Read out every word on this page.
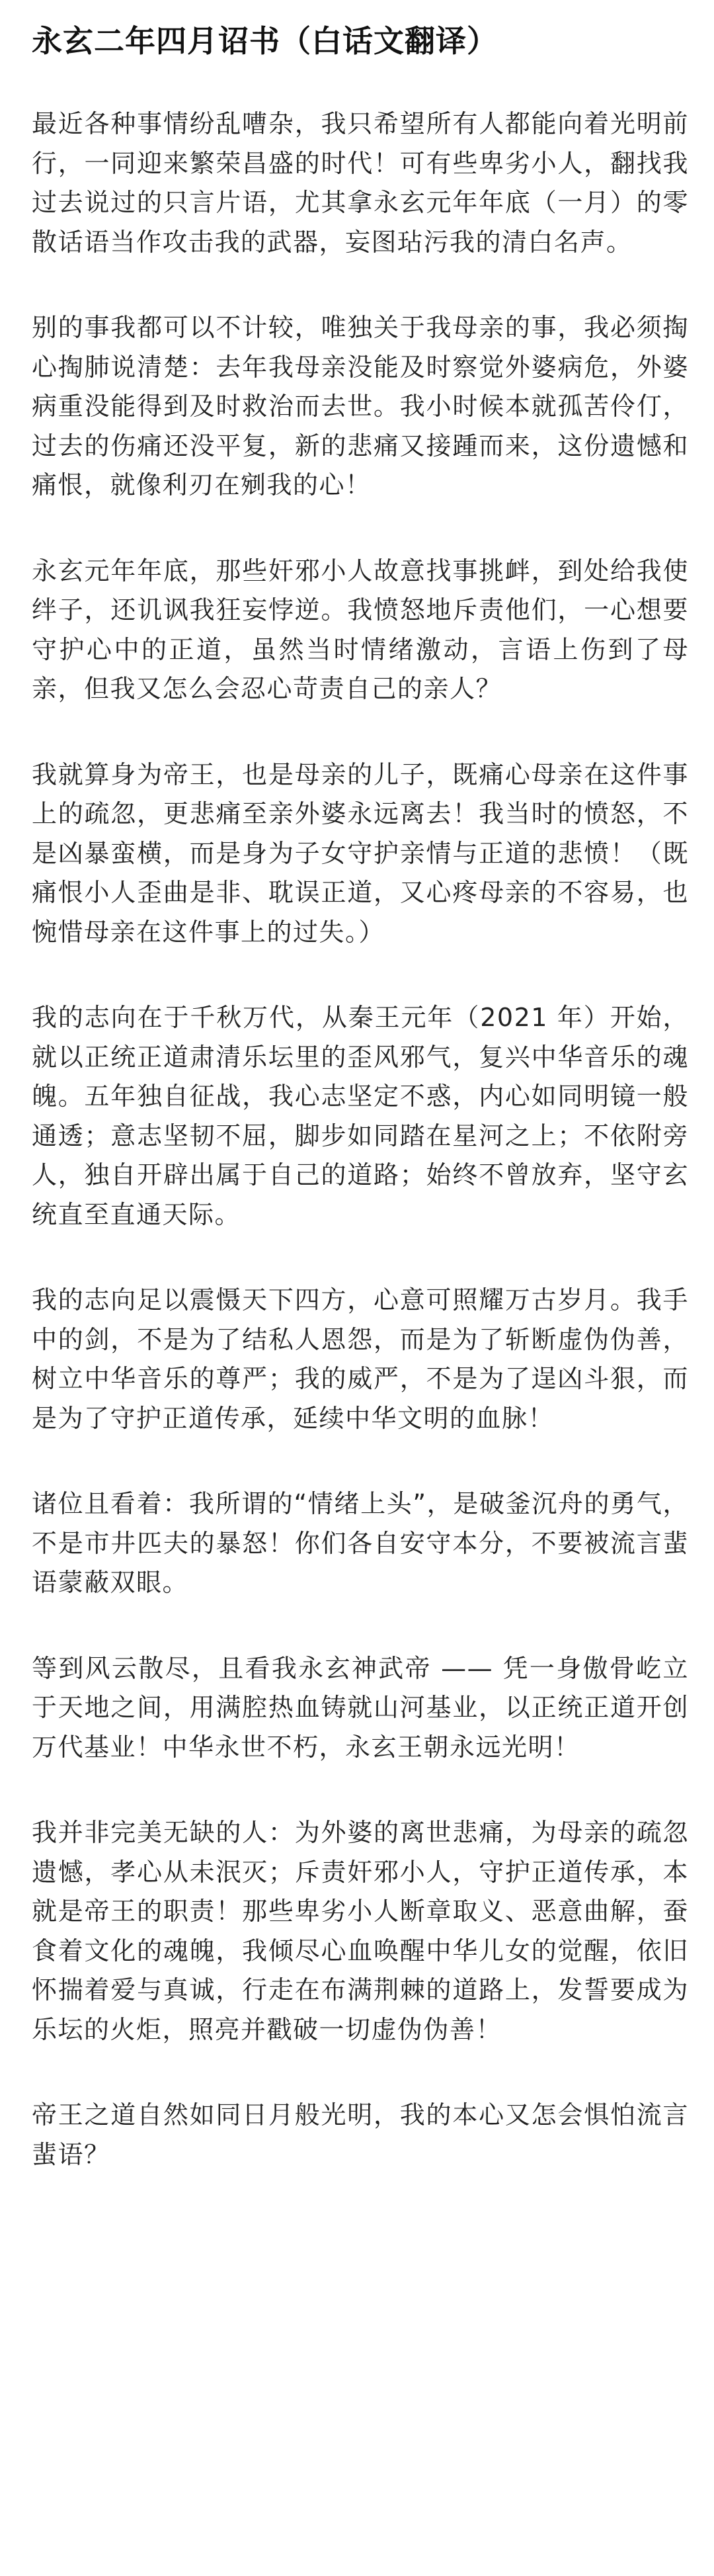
永玄二年四月诏书（白话文翻译）

最近各种事情纷乱嘈杂，我只希望所有人都能向着光明前行，一同迎来繁荣昌盛的时代！可有些卑劣小人，翻找我过去说过的只言片语，尤其拿永玄元年年底（一月）的零散话语当作攻击我的武器，妄图玷污我的清白名声。

别的事我都可以不计较，唯独关于我母亲的事，我必须掏心掏肺说清楚：去年我母亲没能及时察觉外婆病危，外婆病重没能得到及时救治而去世。我小时候本就孤苦伶仃，过去的伤痛还没平复，新的悲痛又接踵而来，这份遗憾和痛恨，就像利刃在剜我的心！

永玄元年年底，那些奸邪小人故意找事挑衅，到处给我使绊子，还讥讽我狂妄悖逆。我愤怒地斥责他们，一心想要守护心中的正道，虽然当时情绪激动，言语上伤到了母亲，但我又怎么会忍心苛责自己的亲人？

我就算身为帝王，也是母亲的儿子，既痛心母亲在这件事上的疏忽，更悲痛至亲外婆永远离去！我当时的愤怒，不是凶暴蛮横，而是身为子女守护亲情与正道的悲愤！（既痛恨小人歪曲是非、耽误正道，又心疼母亲的不容易，也惋惜母亲在这件事上的过失。）

我的志向在于千秋万代，从秦王元年（2021 年）开始，就以正统正道肃清乐坛里的歪风邪气，复兴中华音乐的魂魄。五年独自征战，我心志坚定不惑，内心如同明镜一般通透；意志坚韧不屈，脚步如同踏在星河之上；不依附旁人，独自开辟出属于自己的道路；始终不曾放弃，坚守玄统直至直通天际。

我的志向足以震慑天下四方，心意可照耀万古岁月。我手中的剑，不是为了结私人恩怨，而是为了斩断虚伪伪善，树立中华音乐的尊严；我的威严，不是为了逞凶斗狠，而是为了守护正道传承，延续中华文明的血脉！

诸位且看着：我所谓的“情绪上头”，是破釜沉舟的勇气，不是市井匹夫的暴怒！你们各自安守本分，不要被流言蜚语蒙蔽双眼。

等到风云散尽，且看我永玄神武帝 —— 凭一身傲骨屹立于天地之间，用满腔热血铸就山河基业，以正统正道开创万代基业！中华永世不朽，永玄王朝永远光明！

我并非完美无缺的人：为外婆的离世悲痛，为母亲的疏忽遗憾，孝心从未泯灭；斥责奸邪小人，守护正道传承，本就是帝王的职责！那些卑劣小人断章取义、恶意曲解，蚕食着文化的魂魄，我倾尽心血唤醒中华儿女的觉醒，依旧怀揣着爱与真诚，行走在布满荆棘的道路上，发誓要成为乐坛的火炬，照亮并戳破一切虚伪伪善！

帝王之道自然如同日月般光明，我的本心又怎会惧怕流言蜚语？
